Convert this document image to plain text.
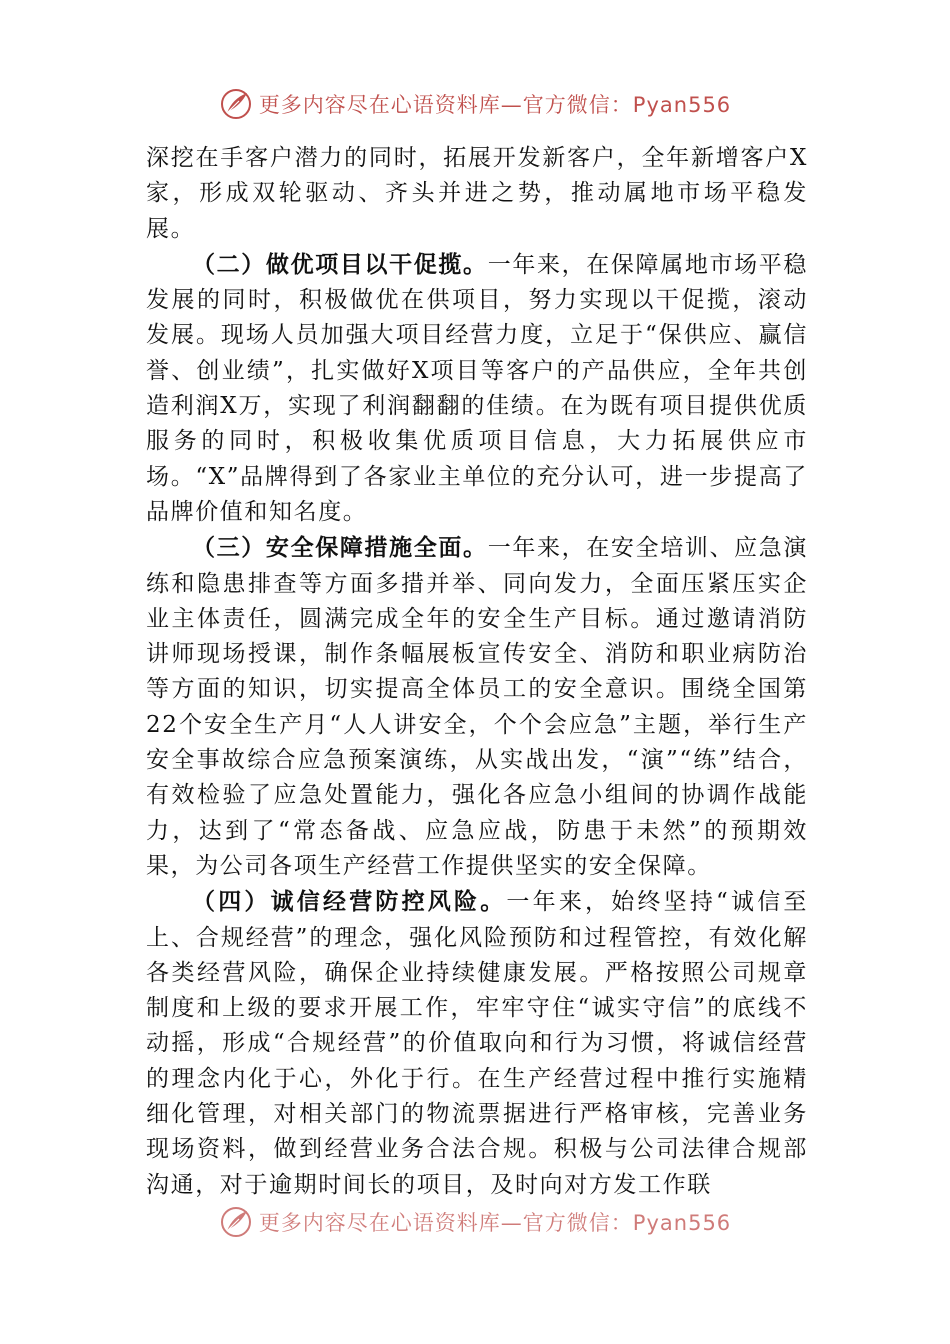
更多内容尽在心语资料库—官方微信：Pyan556

深挖在手客户潜力的同时，拓展开发新客户，全年新增客户X家，形成双轮驱动、齐头并进之势，推动属地市场平稳发展。

（二）做优项目以干促揽。一年来，在保障属地市场平稳发展的同时，积极做优在供项目，努力实现以干促揽，滚动发展。现场人员加强大项目经营力度，立足于“保供应、赢信誉、创业绩”，扎实做好X项目等客户的产品供应，全年共创造利润X万，实现了利润翻翻的佳绩。在为既有项目提供优质服务的同时，积极收集优质项目信息，大力拓展供应市场。“X”品牌得到了各家业主单位的充分认可，进一步提高了品牌价值和知名度。

（三）安全保障措施全面。一年来，在安全培训、应急演练和隐患排查等方面多措并举、同向发力，全面压紧压实企业主体责任，圆满完成全年的安全生产目标。通过邀请消防讲师现场授课，制作条幅展板宣传安全、消防和职业病防治等方面的知识，切实提高全体员工的安全意识。围绕全国第22个安全生产月“人人讲安全，个个会应急”主题，举行生产安全事故综合应急预案演练，从实战出发，“演”“练”结合，有效检验了应急处置能力，强化各应急小组间的协调作战能力，达到了“常态备战、应急应战，防患于未然”的预期效果，为公司各项生产经营工作提供坚实的安全保障。

（四）诚信经营防控风险。一年来，始终坚持“诚信至上、合规经营”的理念，强化风险预防和过程管控，有效化解各类经营风险，确保企业持续健康发展。严格按照公司规章制度和上级的要求开展工作，牢牢守住“诚实守信”的底线不动摇，形成“合规经营”的价值取向和行为习惯，将诚信经营的理念内化于心，外化于行。在生产经营过程中推行实施精细化管理，对相关部门的物流票据进行严格审核，完善业务现场资料，做到经营业务合法合规。积极与公司法律合规部沟通，对于逾期时间长的项目，及时向对方发工作联

更多内容尽在心语资料库—官方微信：Pyan556
